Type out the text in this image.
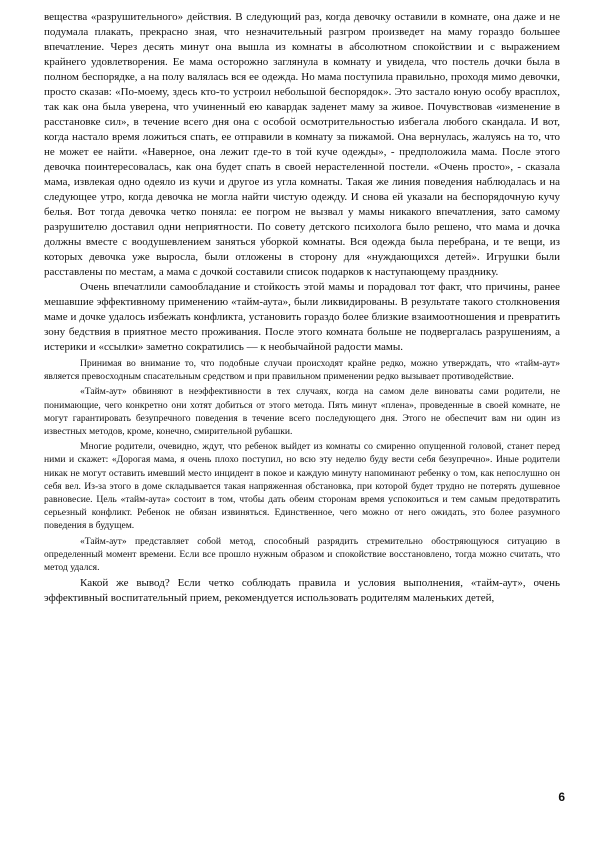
вещества «разрушительного» действия. В следующий раз, когда девочку оставили в комнате, она даже и не подумала плакать, прекрасно зная, что незначительный разгром произведет на маму гораздо большее впечатление. Через десять минут она вышла из комнаты в абсолютном спокойствии и с выражением крайнего удовлетворения. Ее мама осторожно заглянула в комнату и увидела, что постель дочки была в полном беспорядке, а на полу валялась вся ее одежда. Но мама поступила правильно, проходя мимо девочки, просто сказав: «По-моему, здесь кто-то устроил небольшой беспорядок». Это застало юную особу врасплох, так как она была уверена, что учиненный ею кавардак заденет маму за живое. Почувствовав «изменение в расстановке сил», в течение всего дня она с особой осмотрительностью избегала любого скандала. И вот, когда настало время ложиться спать, ее отправили в комнату за пижамой. Она вернулась, жалуясь на то, что не может ее найти. «Наверное, она лежит где-то в той куче одежды», - предположила мама. После этого девочка поинтересовалась, как она будет спать в своей нерастеленной постели. «Очень просто», - сказала мама, извлекая одно одеяло из кучи и другое из угла комнаты. Такая же линия поведения наблюдалась и на следующее утро, когда девочка не могла найти чистую одежду. И снова ей указали на беспорядочную кучу белья. Вот тогда девочка четко поняла: ее погром не вызвал у мамы никакого впечатления, зато самому разрушителю доставил одни неприятности. По совету детского психолога было решено, что мама и дочка должны вместе с воодушевлением заняться уборкой комнаты. Вся одежда была перебрана, и те вещи, из которых девочка уже выросла, были отложены в сторону для «нуждающихся детей». Игрушки были расставлены по местам, а мама с дочкой составили список подарков к наступающему празднику.

Очень впечатлили самообладание и стойкость этой мамы и порадовал тот факт, что причины, ранее мешавшие эффективному применению «тайм-аута», были ликвидированы. В результате такого столкновения маме и дочке удалось избежать конфликта, установить гораздо более близкие взаимоотношения и превратить зону бедствия в приятное место проживания. После этого комната больше не подвергалась разрушениям, а истерики и «ссылки» заметно сократились — к необычайной радости мамы.

Принимая во внимание то, что подобные случаи происходят крайне редко, можно утверждать, что «тайм-аут» является превосходным спасательным средством и при правильном применении редко вызывает противодействие.

«Тайм-аут» обвиняют в неэффективности в тех случаях, когда на самом деле виноваты сами родители, не понимающие, чего конкретно они хотят добиться от этого метода. Пять минут «плена», проведенные в своей комнате, не могут гарантировать безупречного поведения в течение всего последующего дня. Этого не обеспечит вам ни один из известных методов, кроме, конечно, смирительной рубашки.

Многие родители, очевидно, ждут, что ребенок выйдет из комнаты со смиренно опущенной головой, станет перед ними и скажет: «Дорогая мама, я очень плохо поступил, но всю эту неделю буду вести себя безупречно». Иные родители никак не могут оставить имевший место инцидент в покое и каждую минуту напоминают ребенку о том, как непослушно он себя вел. Из-за этого в доме складывается такая напряженная обстановка, при которой будет трудно не потерять душевное равновесие. Цель «тайм-аута» состоит в том, чтобы дать обеим сторонам время успокоиться и тем самым предотвратить серьезный конфликт. Ребенок не обязан извиняться. Единственное, чего можно от него ожидать, это более разумного поведения в будущем.

«Тайм-аут» представляет собой метод, способный разрядить стремительно обостряющуюся ситуацию в определенный момент времени. Если все прошло нужным образом и спокойствие восстановлено, тогда можно считать, что метод удался.

Какой же вывод? Если четко соблюдать правила и условия выполнения, «тайм-аут», очень эффективный воспитательный прием, рекомендуется использовать родителям маленьких детей,

6
